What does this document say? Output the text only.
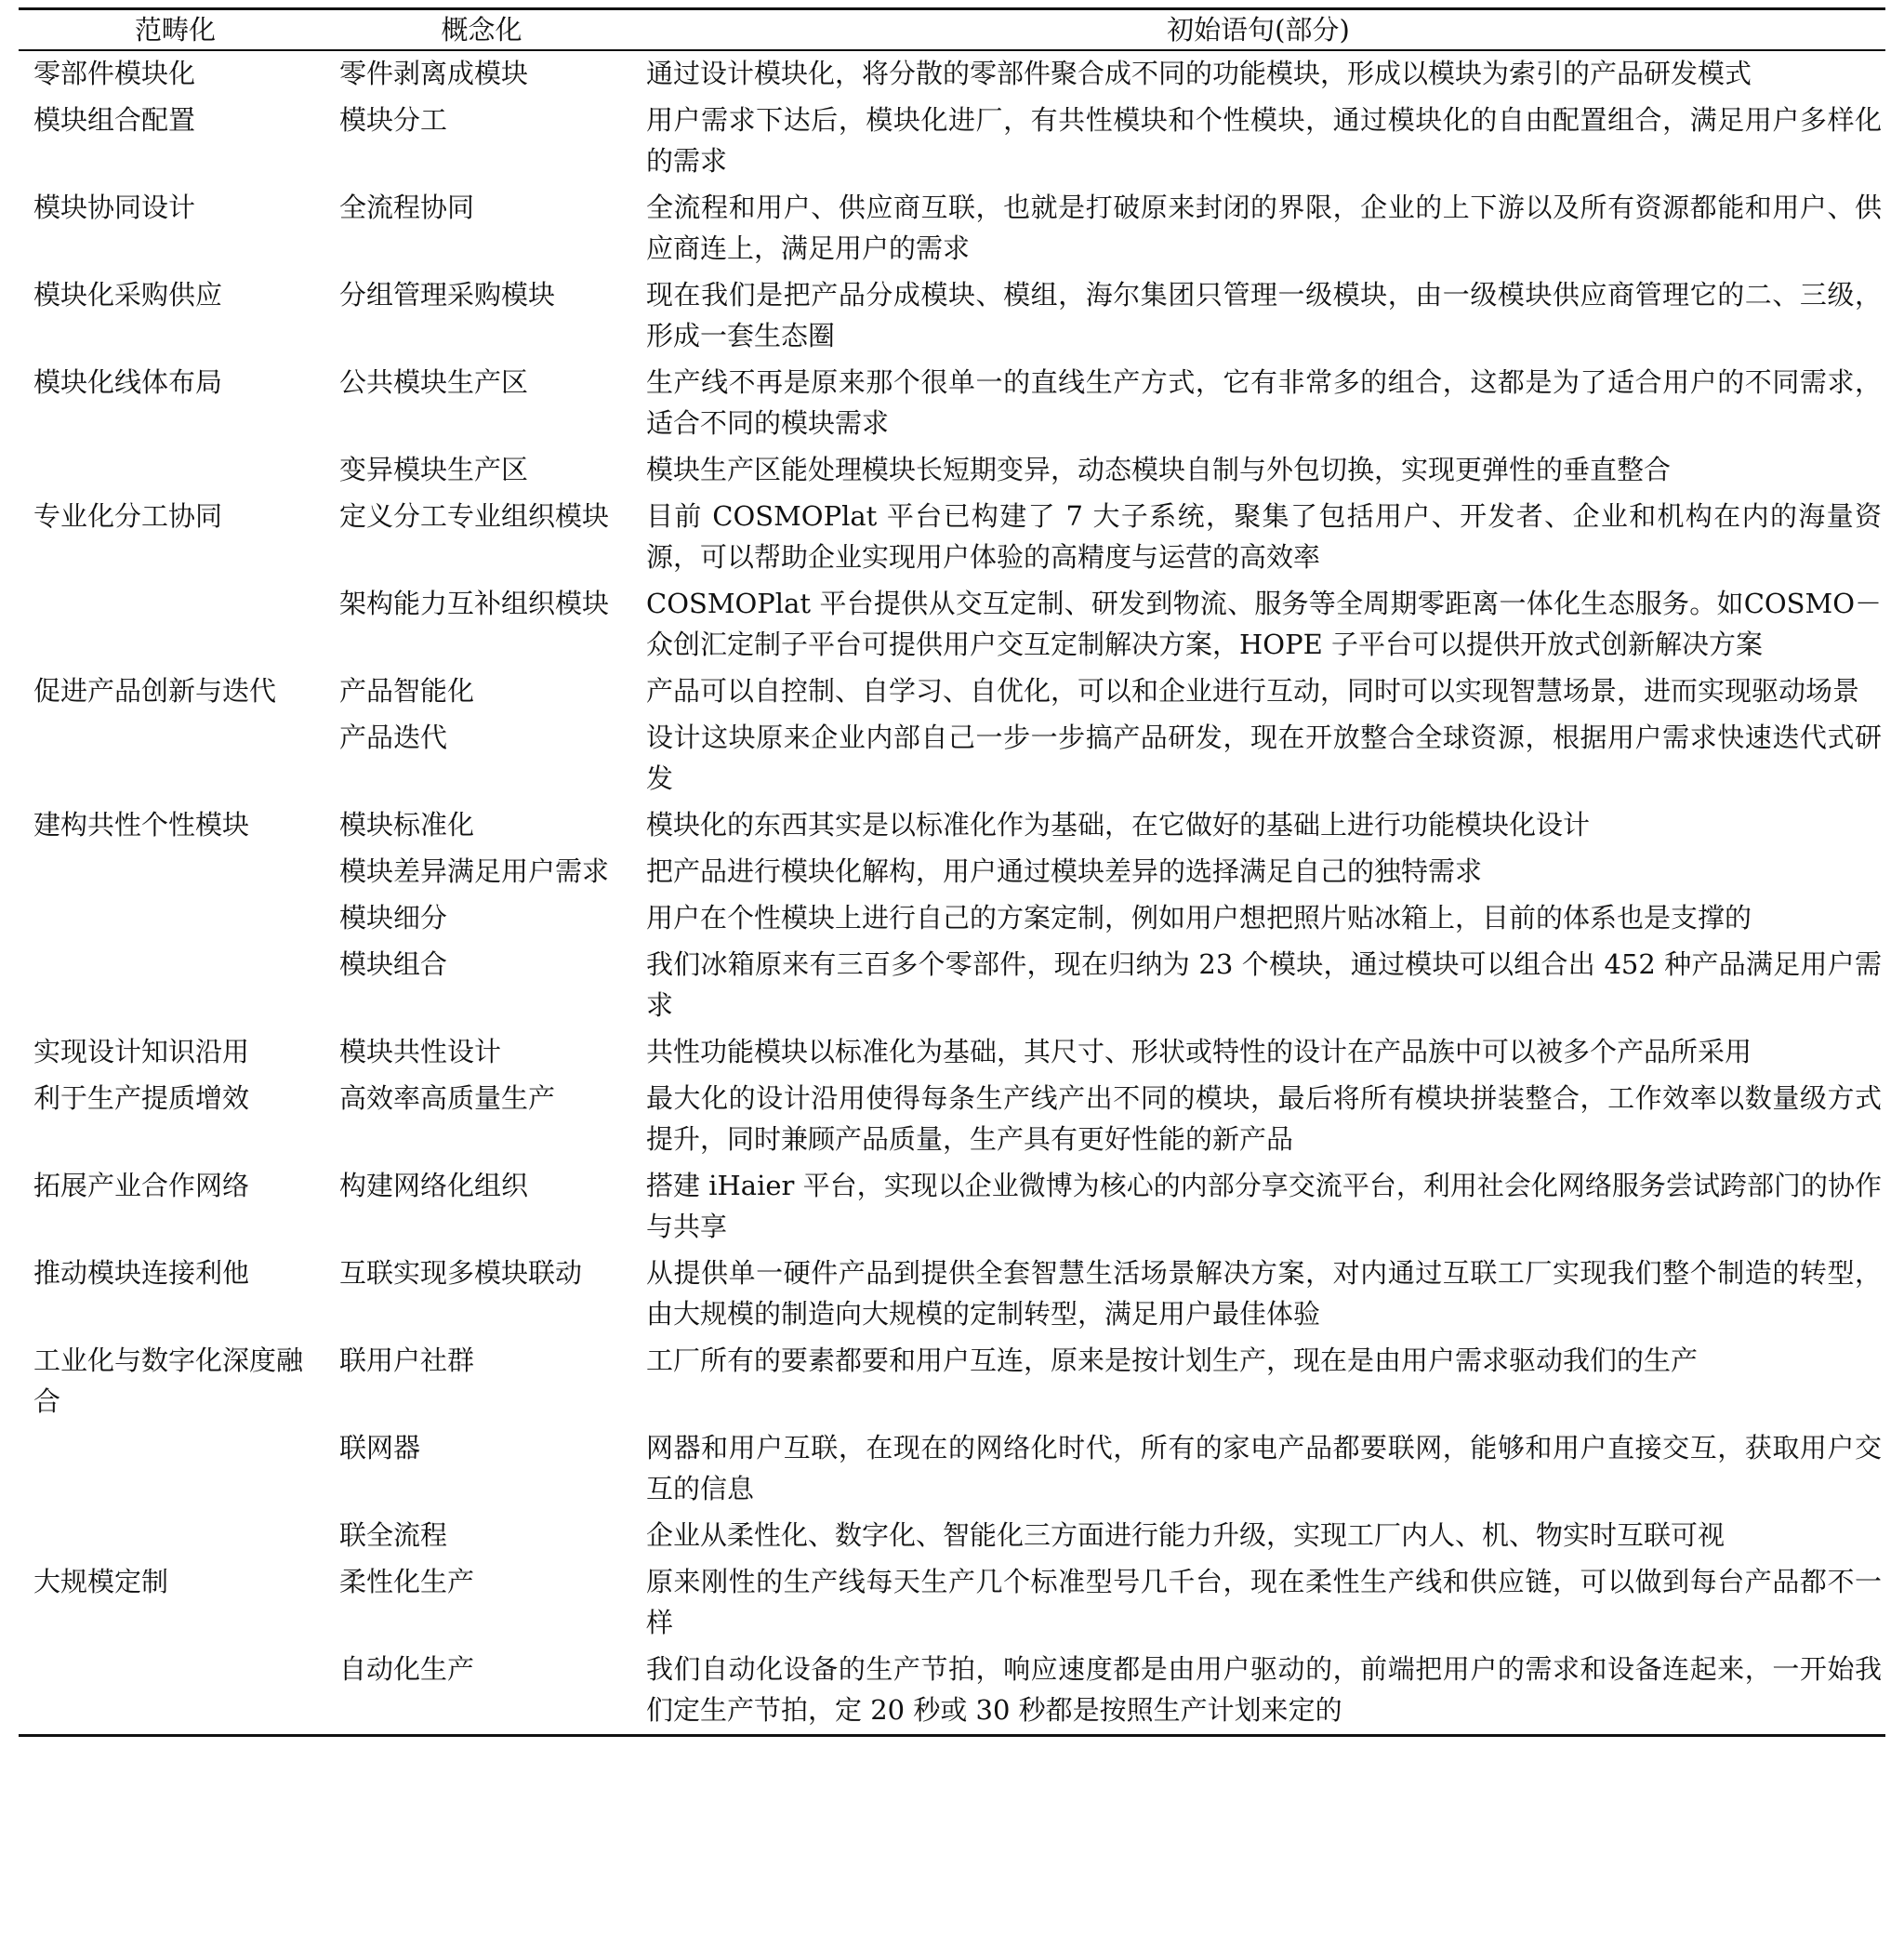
范畴化	概念化	初始语句(部分)
零部件模块化	零件剥离成模块	通过设计模块化，将分散的零部件聚合成不同的功能模块，形成以模块为索引的产品研发模式
模块组合配置	模块分工	用户需求下达后，模块化进厂，有共性模块和个性模块，通过模块化的自由配置组合，满足用户多样化的需求
模块协同设计	全流程协同	全流程和用户、供应商互联，也就是打破原来封闭的界限，企业的上下游以及所有资源都能和用户、供应商连上，满足用户的需求
模块化采购供应	分组管理采购模块	现在我们是把产品分成模块、模组，海尔集团只管理一级模块，由一级模块供应商管理它的二、三级，形成一套生态圈
模块化线体布局	公共模块生产区	生产线不再是原来那个很单一的直线生产方式，它有非常多的组合，这都是为了适合用户的不同需求，适合不同的模块需求
	变异模块生产区	模块生产区能处理模块长短期变异，动态模块自制与外包切换，实现更弹性的垂直整合
专业化分工协同	定义分工专业组织模块	目前 COSMOPlat 平台已构建了 7 大子系统，聚集了包括用户、开发者、企业和机构在内的海量资源，可以帮助企业实现用户体验的高精度与运营的高效率
	架构能力互补组织模块	COSMOPlat 平台提供从交互定制、研发到物流、服务等全周期零距离一体化生态服务。如COSMO－众创汇定制子平台可提供用户交互定制解决方案，HOPE 子平台可以提供开放式创新解决方案
促进产品创新与迭代	产品智能化	产品可以自控制、自学习、自优化，可以和企业进行互动，同时可以实现智慧场景，进而实现驱动场景
	产品迭代	设计这块原来企业内部自己一步一步搞产品研发，现在开放整合全球资源，根据用户需求快速迭代式研发
建构共性个性模块	模块标准化	模块化的东西其实是以标准化作为基础，在它做好的基础上进行功能模块化设计
	模块差异满足用户需求	把产品进行模块化解构，用户通过模块差异的选择满足自己的独特需求
	模块细分	用户在个性模块上进行自己的方案定制，例如用户想把照片贴冰箱上，目前的体系也是支撑的
	模块组合	我们冰箱原来有三百多个零部件，现在归纳为 23 个模块，通过模块可以组合出 452 种产品满足用户需求
实现设计知识沿用	模块共性设计	共性功能模块以标准化为基础，其尺寸、形状或特性的设计在产品族中可以被多个产品所采用
利于生产提质增效	高效率高质量生产	最大化的设计沿用使得每条生产线产出不同的模块，最后将所有模块拼装整合，工作效率以数量级方式提升，同时兼顾产品质量，生产具有更好性能的新产品
拓展产业合作网络	构建网络化组织	搭建 iHaier 平台，实现以企业微博为核心的内部分享交流平台，利用社会化网络服务尝试跨部门的协作与共享
推动模块连接利他	互联实现多模块联动	从提供单一硬件产品到提供全套智慧生活场景解决方案，对内通过互联工厂实现我们整个制造的转型，由大规模的制造向大规模的定制转型，满足用户最佳体验
工业化与数字化深度融合	联用户社群	工厂所有的要素都要和用户互连，原来是按计划生产，现在是由用户需求驱动我们的生产
	联网器	网器和用户互联，在现在的网络化时代，所有的家电产品都要联网，能够和用户直接交互，获取用户交互的信息
	联全流程	企业从柔性化、数字化、智能化三方面进行能力升级，实现工厂内人、机、物实时互联可视
大规模定制	柔性化生产	原来刚性的生产线每天生产几个标准型号几千台，现在柔性生产线和供应链，可以做到每台产品都不一样
	自动化生产	我们自动化设备的生产节拍，响应速度都是由用户驱动的，前端把用户的需求和设备连起来，一开始我们定生产节拍，定 20 秒或 30 秒都是按照生产计划来定的
